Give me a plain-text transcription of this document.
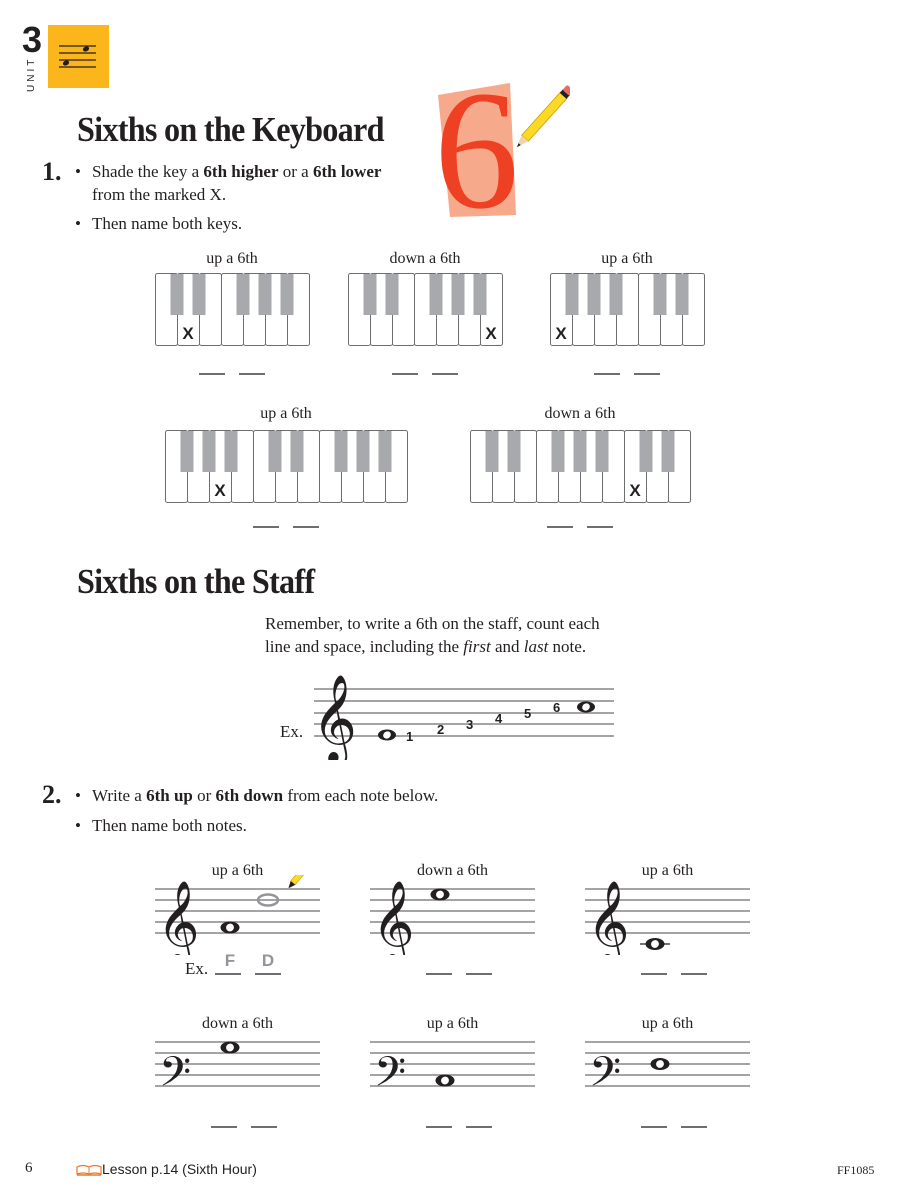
3
UNIT
Sixths on the Keyboard 6
1. • Shade the key a 6th higher or a 6th lower
from the marked X.
• Then name both keys.
up a 6th
X
down a 6th
X
up a 6th
X
up a 6th
X
down a 6th
X
Sixths on the Staff
Remember, to write a 6th on the staff, count each
line and space, including the first and last note.
Ex. 𝄞	1 2 3 4 5 6
2. • Write a 6th up or 6th down from each note below.
• Then name both notes.
up a 6th
𝄞
Ex. F	D
down a 6th
𝄞
up a 6th
𝄞
down a 6th
𝄢
up a 6th
𝄢
up a 6th
𝄢
6	Lesson p.14 (Sixth Hour)	FF1085
